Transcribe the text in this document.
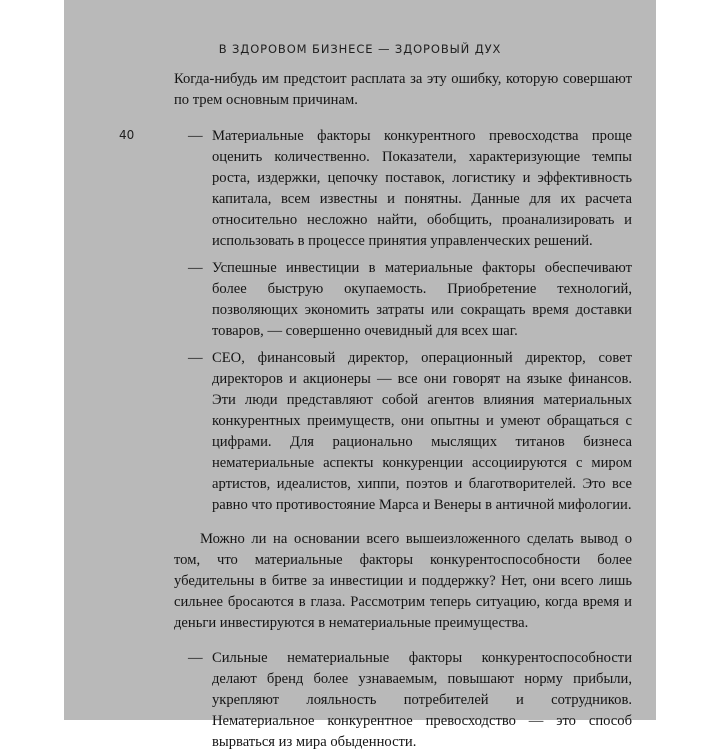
В ЗДОРОВОМ БИЗНЕСЕ — ЗДОРОВЫЙ ДУХ
40

Когда-нибудь им предстоит расплата за эту ошибку, которую совершают по трем основным причинам.

— Материальные факторы конкурентного превосходства проще оценить количественно. Показатели, характеризующие темпы роста, издержки, цепочку поставок, логистику и эффективность капитала, всем известны и понятны. Данные для их расчета относительно несложно найти, обобщить, проанализировать и использовать в процессе принятия управленческих решений.

— Успешные инвестиции в материальные факторы обеспечивают более быструю окупаемость. Приобретение технологий, позволяющих экономить затраты или сокращать время доставки товаров, — совершенно очевидный для всех шаг.

— CEO, финансовый директор, операционный директор, совет директоров и акционеры — все они говорят на языке финансов. Эти люди представляют собой агентов влияния материальных конкурентных преимуществ, они опытны и умеют обращаться с цифрами. Для рационально мыслящих титанов бизнеса нематериальные аспекты конкуренции ассоциируются с миром артистов, идеалистов, хиппи, поэтов и благотворителей. Это все равно что противостояние Марса и Венеры в античной мифологии.

Можно ли на основании всего вышеизложенного сделать вывод о том, что материальные факторы конкурентоспособности более убедительны в битве за инвестиции и поддержку? Нет, они всего лишь сильнее бросаются в глаза. Рассмотрим теперь ситуацию, когда время и деньги инвестируются в нематериальные преимущества.

— Сильные нематериальные факторы конкурентоспособности делают бренд более узнаваемым, повышают норму прибыли, укрепляют лояльность потребителей и сотрудников. Нематериальное конкурентное превосходство — это способ вырваться из мира обыденности.
